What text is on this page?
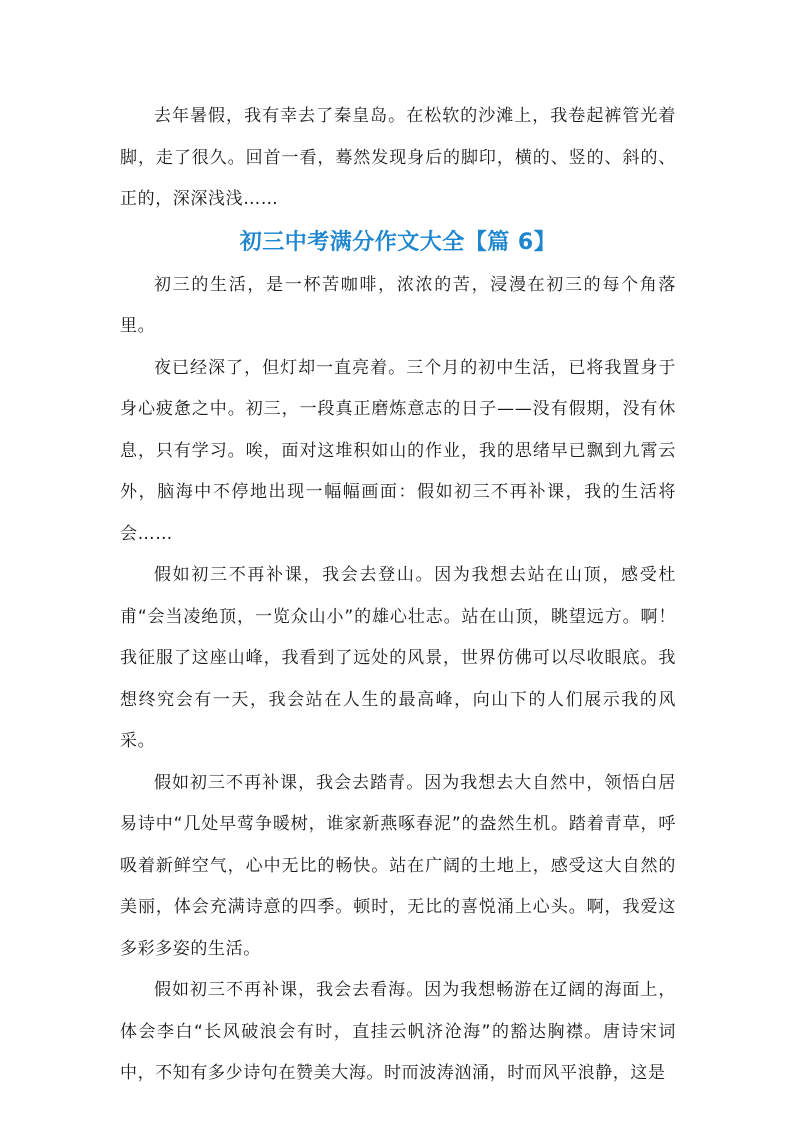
去年暑假，我有幸去了秦皇岛。在松软的沙滩上，我卷起裤管光着脚，走了很久。回首一看，蓦然发现身后的脚印，横的、竖的、斜的、正的，深深浅浅……

初三中考满分作文大全【篇 6】

初三的生活，是一杯苦咖啡，浓浓的苦，浸漫在初三的每个角落里。

夜已经深了，但灯却一直亮着。三个月的初中生活，已将我置身于身心疲惫之中。初三，一段真正磨炼意志的日子——没有假期，没有休息，只有学习。唉，面对这堆积如山的作业，我的思绪早已飘到九霄云外，脑海中不停地出现一幅幅画面：假如初三不再补课，我的生活将会……

假如初三不再补课，我会去登山。因为我想去站在山顶，感受杜甫“会当凌绝顶，一览众山小”的雄心壮志。站在山顶，眺望远方。啊！我征服了这座山峰，我看到了远处的风景，世界仿佛可以尽收眼底。我想终究会有一天，我会站在人生的最高峰，向山下的人们展示我的风采。

假如初三不再补课，我会去踏青。因为我想去大自然中，领悟白居易诗中“几处早莺争暖树，谁家新燕啄春泥”的盎然生机。踏着青草，呼吸着新鲜空气，心中无比的畅快。站在广阔的土地上，感受这大自然的美丽，体会充满诗意的四季。顿时，无比的喜悦涌上心头。啊，我爱这多彩多姿的生活。

假如初三不再补课，我会去看海。因为我想畅游在辽阔的海面上，体会李白“长风破浪会有时，直挂云帆济沧海”的豁达胸襟。唐诗宋词中，不知有多少诗句在赞美大海。时而波涛汹涌，时而风平浪静，这是
